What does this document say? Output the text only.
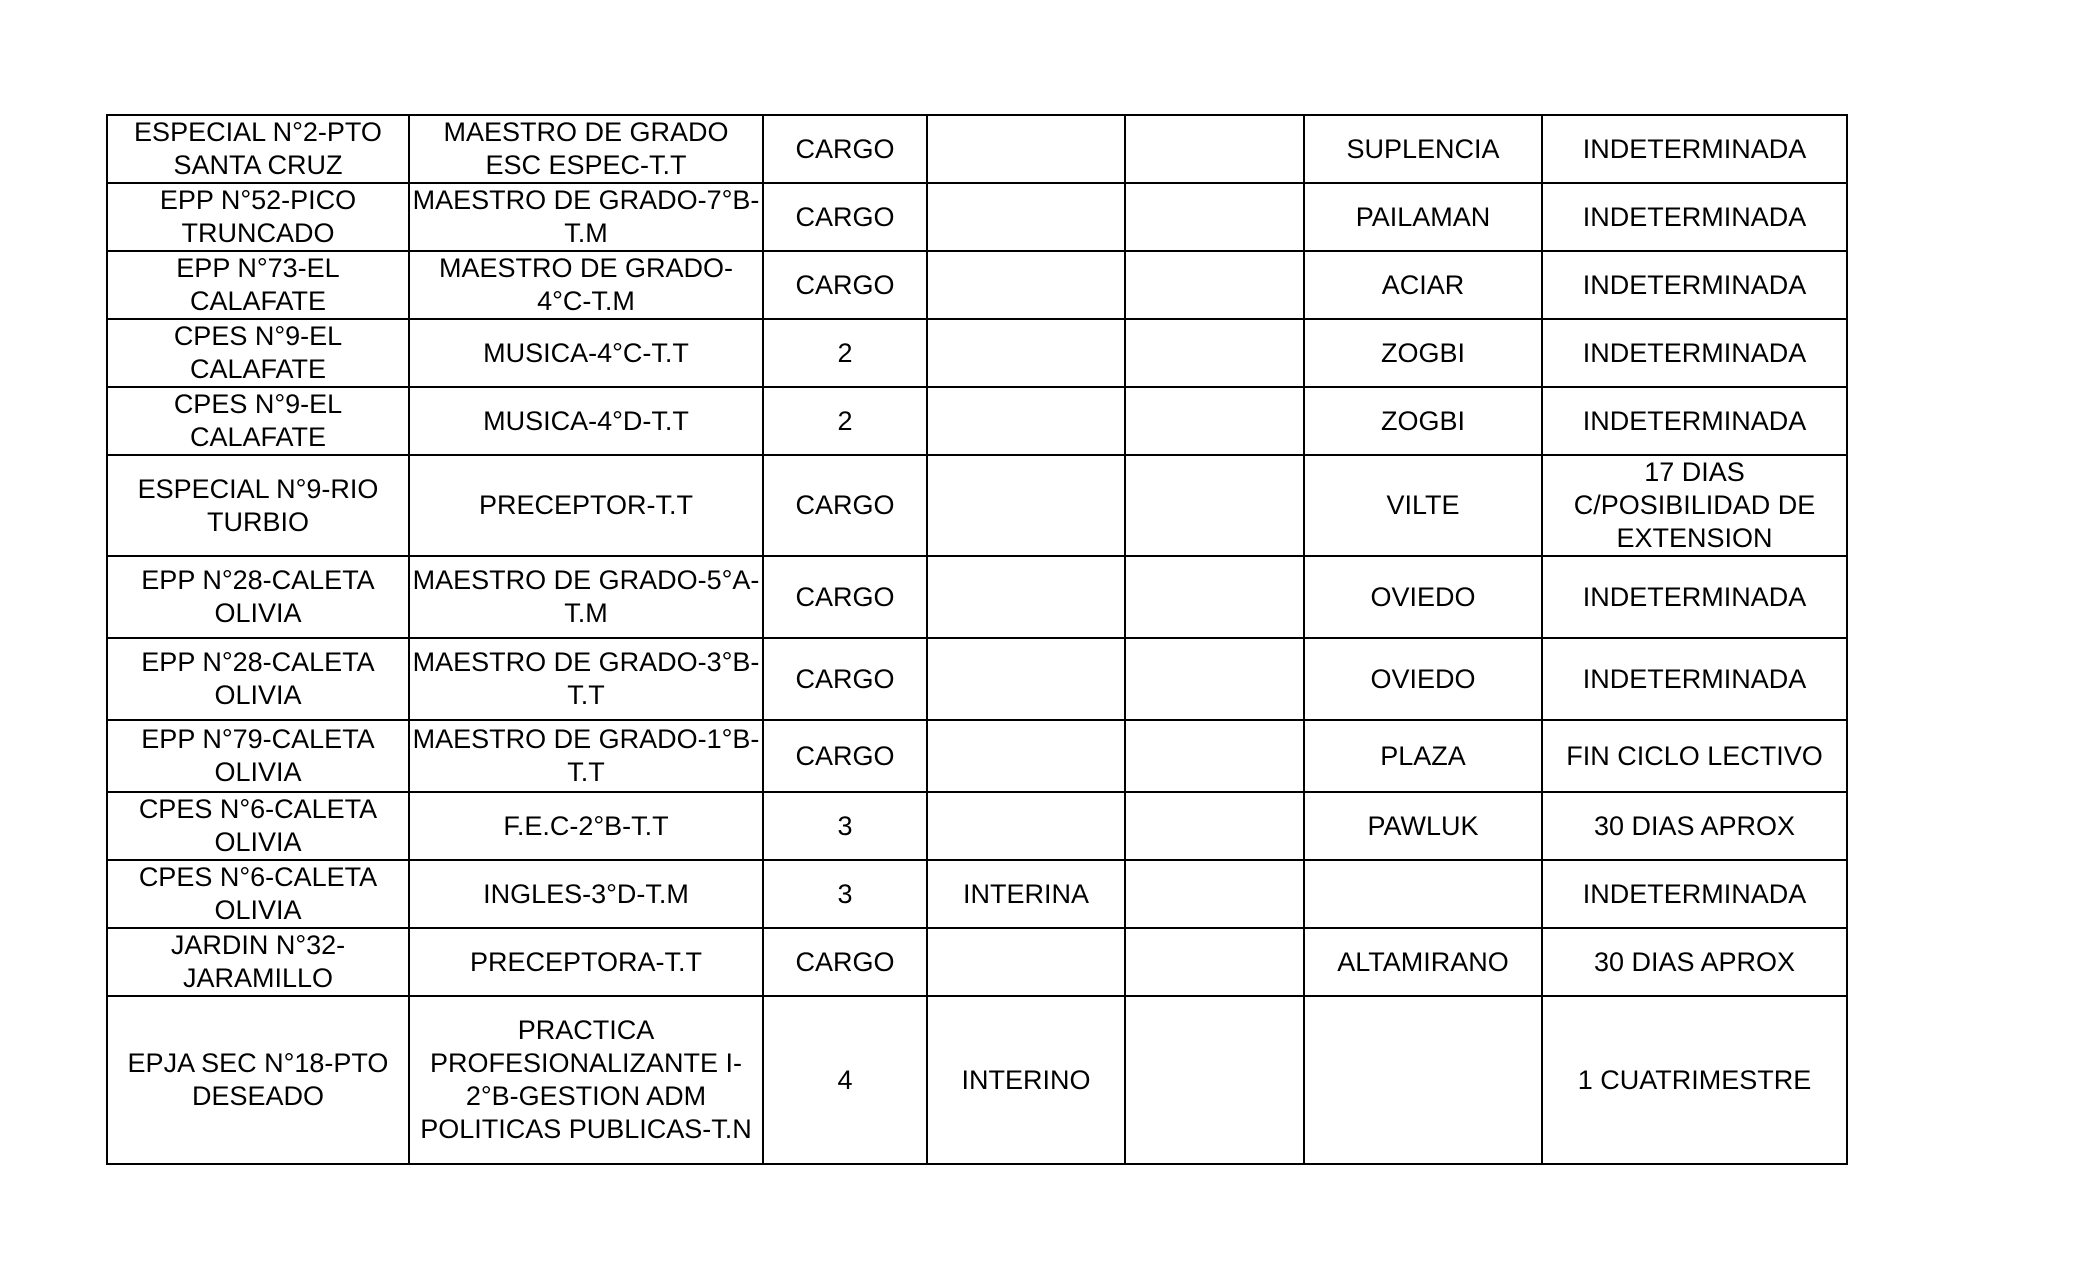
ESPECIAL N°2-PTO SANTA CRUZ	MAESTRO DE GRADO ESC ESPEC-T.T	CARGO			SUPLENCIA	INDETERMINADA
EPP N°52-PICO TRUNCADO	MAESTRO DE GRADO-7°B-T.M	CARGO			PAILAMAN	INDETERMINADA
EPP N°73-EL CALAFATE	MAESTRO DE GRADO-4°C-T.M	CARGO			ACIAR	INDETERMINADA
CPES N°9-EL CALAFATE	MUSICA-4°C-T.T	2			ZOGBI	INDETERMINADA
CPES N°9-EL CALAFATE	MUSICA-4°D-T.T	2			ZOGBI	INDETERMINADA
ESPECIAL N°9-RIO TURBIO	PRECEPTOR-T.T	CARGO			VILTE	17 DIAS C/POSIBILIDAD DE EXTENSION
EPP N°28-CALETA OLIVIA	MAESTRO DE GRADO-5°A-T.M	CARGO			OVIEDO	INDETERMINADA
EPP N°28-CALETA OLIVIA	MAESTRO DE GRADO-3°B-T.T	CARGO			OVIEDO	INDETERMINADA
EPP N°79-CALETA OLIVIA	MAESTRO DE GRADO-1°B-T.T	CARGO			PLAZA	FIN CICLO LECTIVO
CPES N°6-CALETA OLIVIA	F.E.C-2°B-T.T	3			PAWLUK	30 DIAS APROX
CPES N°6-CALETA OLIVIA	INGLES-3°D-T.M	3	INTERINA			INDETERMINADA
JARDIN N°32-JARAMILLO	PRECEPTORA-T.T	CARGO			ALTAMIRANO	30 DIAS APROX
EPJA SEC N°18-PTO DESEADO	PRACTICA PROFESIONALIZANTE I-2°B-GESTION ADM POLITICAS PUBLICAS-T.N	4	INTERINO			1 CUATRIMESTRE
